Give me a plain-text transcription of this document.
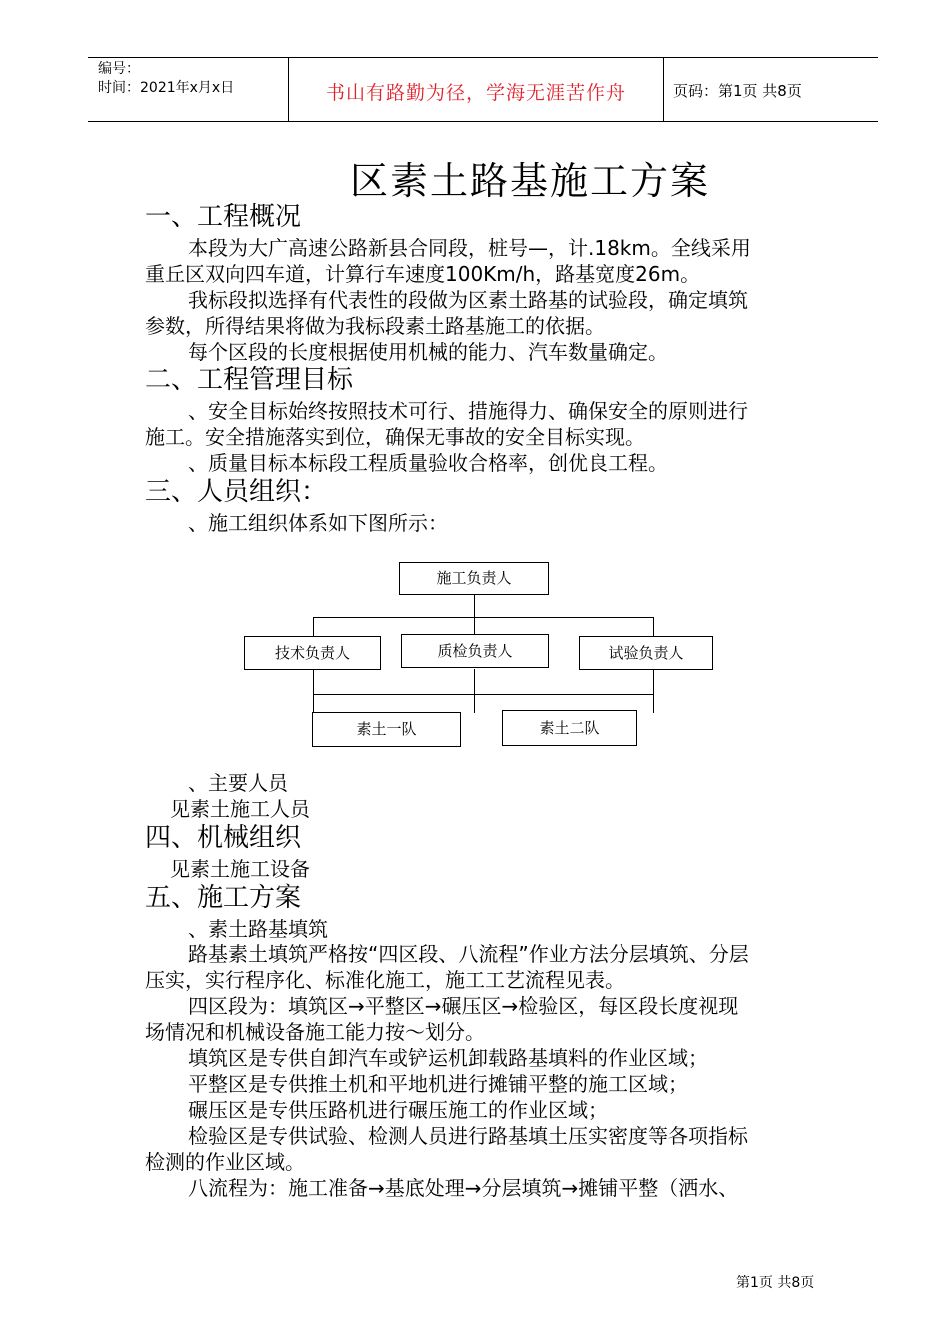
编号：
时间：2021年x月x日	书山有路勤为径，学海无涯苦作舟	页码：第1页 共8页
区素土路基施工方案
一、工程概况
本段为大广高速公路新县合同段，桩号—，计.18km。全线采用
重丘区双向四车道，计算行车速度100Km/h，路基宽度26m。
我标段拟选择有代表性的段做为区素土路基的试验段，确定填筑
参数，所得结果将做为我标段素土路基施工的依据。
每个区段的长度根据使用机械的能力、汽车数量确定。
二、工程管理目标
、安全目标始终按照技术可行、措施得力、确保安全的原则进行
施工。安全措施落实到位，确保无事故的安全目标实现。
、质量目标本标段工程质量验收合格率，创优良工程。
三、人员组织：
、施工组织体系如下图所示：
施工负责人
技术负责人	质检负责人	试验负责人
素土一队	素土二队
、主要人员
见素土施工人员
四、机械组织
见素土施工设备
五、施工方案
、素土路基填筑
路基素土填筑严格按“四区段、八流程”作业方法分层填筑、分层
压实，实行程序化、标准化施工，施工工艺流程见表。
四区段为：填筑区→平整区→碾压区→检验区，每区段长度视现
场情况和机械设备施工能力按～划分。
填筑区是专供自卸汽车或铲运机卸载路基填料的作业区域；
平整区是专供推土机和平地机进行摊铺平整的施工区域；
碾压区是专供压路机进行碾压施工的作业区域；
检验区是专供试验、检测人员进行路基填土压实密度等各项指标
检测的作业区域。
八流程为：施工准备→基底处理→分层填筑→摊铺平整（洒水、
第1页 共8页
